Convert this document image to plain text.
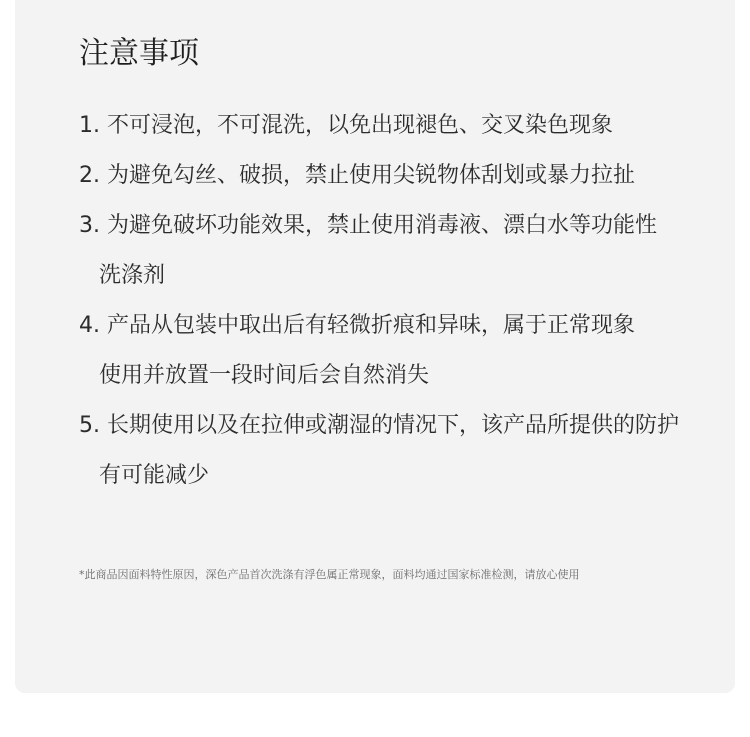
注意事项
1. 不可浸泡，不可混洗，以免出现褪色、交叉染色现象
2. 为避免勾丝、破损，禁止使用尖锐物体刮划或暴力拉扯
3. 为避免破坏功能效果，禁止使用消毒液、漂白水等功能性
洗涤剂
4. 产品从包装中取出后有轻微折痕和异味，属于正常现象
使用并放置一段时间后会自然消失
5. 长期使用以及在拉伸或潮湿的情况下，该产品所提供的防护
有可能减少
*此商品因面料特性原因，深色产品首次洗涤有浮色属正常现象，面料均通过国家标准检测，请放心使用
